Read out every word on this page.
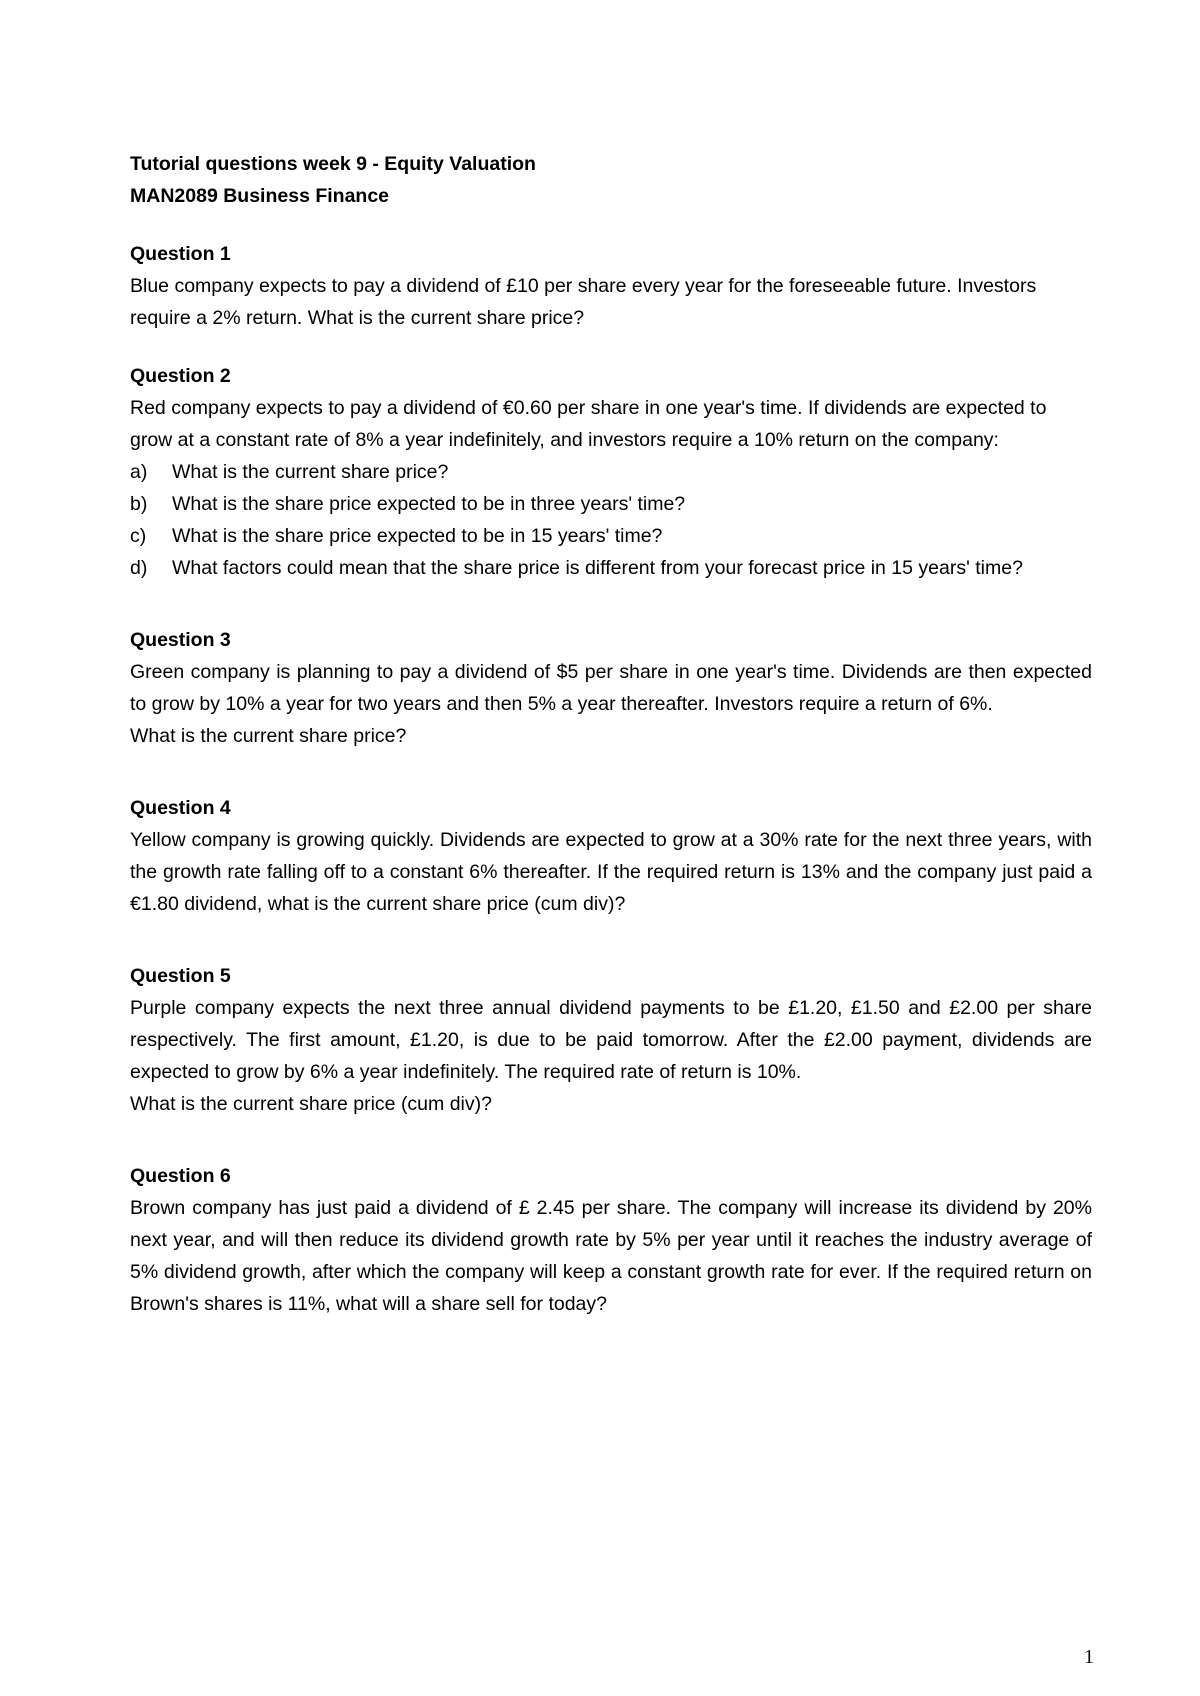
Tutorial questions week 9 - Equity Valuation

MAN2089 Business Finance

Question 1

Blue company expects to pay a dividend of £10 per share every year for the foreseeable future. Investors require a 2% return. What is the current share price?

Question 2

Red company expects to pay a dividend of €0.60 per share in one year's time. If dividends are expected to grow at a constant rate of 8% a year indefinitely, and investors require a 10% return on the company:

a)	What is the current share price?
b)	What is the share price expected to be in three years' time?
c)	What is the share price expected to be in 15 years' time?
d)	What factors could mean that the share price is different from your forecast price in 15 years' time?

Question 3

Green company is planning to pay a dividend of $5 per share in one year's time. Dividends are then expected to grow by 10% a year for two years and then 5% a year thereafter. Investors require a return of 6%.

What is the current share price?

Question 4

Yellow company is growing quickly. Dividends are expected to grow at a 30% rate for the next three years, with the growth rate falling off to a constant 6% thereafter. If the required return is 13% and the company just paid a €1.80 dividend, what is the current share price (cum div)?

Question 5

Purple company expects the next three annual dividend payments to be £1.20, £1.50 and £2.00 per share respectively. The first amount, £1.20, is due to be paid tomorrow. After the £2.00 payment, dividends are expected to grow by 6% a year indefinitely. The required rate of return is 10%.

What is the current share price (cum div)?

Question 6

Brown company has just paid a dividend of £ 2.45 per share. The company will increase its dividend by 20% next year, and will then reduce its dividend growth rate by 5% per year until it reaches the industry average of 5% dividend growth, after which the company will keep a constant growth rate for ever. If the required return on Brown's shares is 11%, what will a share sell for today?

1
